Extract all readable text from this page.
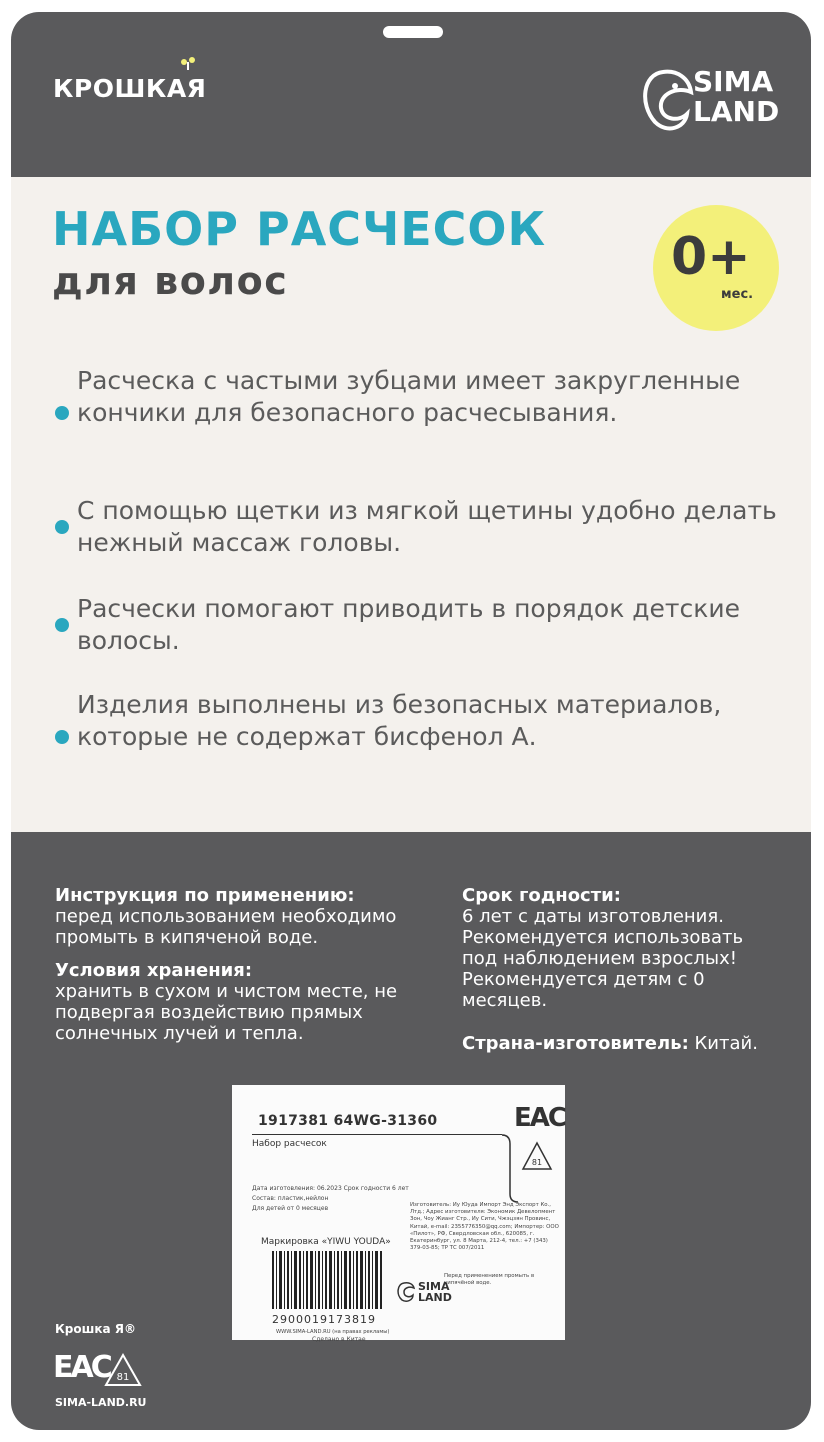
КРОШКАЯ	SIMA
LAND
НАБОР РАСЧЕСОК
для волос	0+
мес.
Расческа с частыми зубцами имеет закругленные кончики для безопасного расчесывания.
С помощью щетки из мягкой щетины удобно делать нежный массаж головы.
Расчески помогают приводить в порядок детские волосы.
Изделия выполнены из безопасных материалов, которые не содержат бисфенол А.
Инструкция по применению:
перед использованием необходимо промыть в кипяченой воде.
Условия хранения:
хранить в сухом и чистом месте, не подвергая воздействию прямых солнечных лучей и тепла.
Срок годности:
6 лет с даты изготовления. Рекомендуется использовать под наблюдением взрослых! Рекомендуется детям с 0 месяцев.
Страна-изготовитель: Китай.
1917381 64WG-31360
Набор расчесок
Дата изготовления: 06.2023 Срок годности 6 лет
Состав: пластик,нейлон
Для детей от 0 месяцев
ЕАС
81
Изготовитель: Иу Юуда Импорт Энд Экспорт Ко., Лтд.; Адрес изготовителя: Экономик Девелопмент Зон, Чоу Жианг Стр., Иу Сити, Чжэцзян Провинс, Китай, e-mail: 2355776350@qq.com; Импортер: ООО «Пилот», РФ, Свердловская обл., 620085, г. Екатеринбург, ул. 8 Марта, 212-4, тел.: +7 (343) 379-03-85; ТР ТС 007/2011
Перед применением промыть в кипячёной воде.
Маркировка «YIWU YOUDA»
SIMA
LAND
2900019173819
WWW.SIMA-LAND.RU (на правах рекламы)
Сделано в Китае
Крошка Я®
ЕАС 81
SIMA-LAND.RU
